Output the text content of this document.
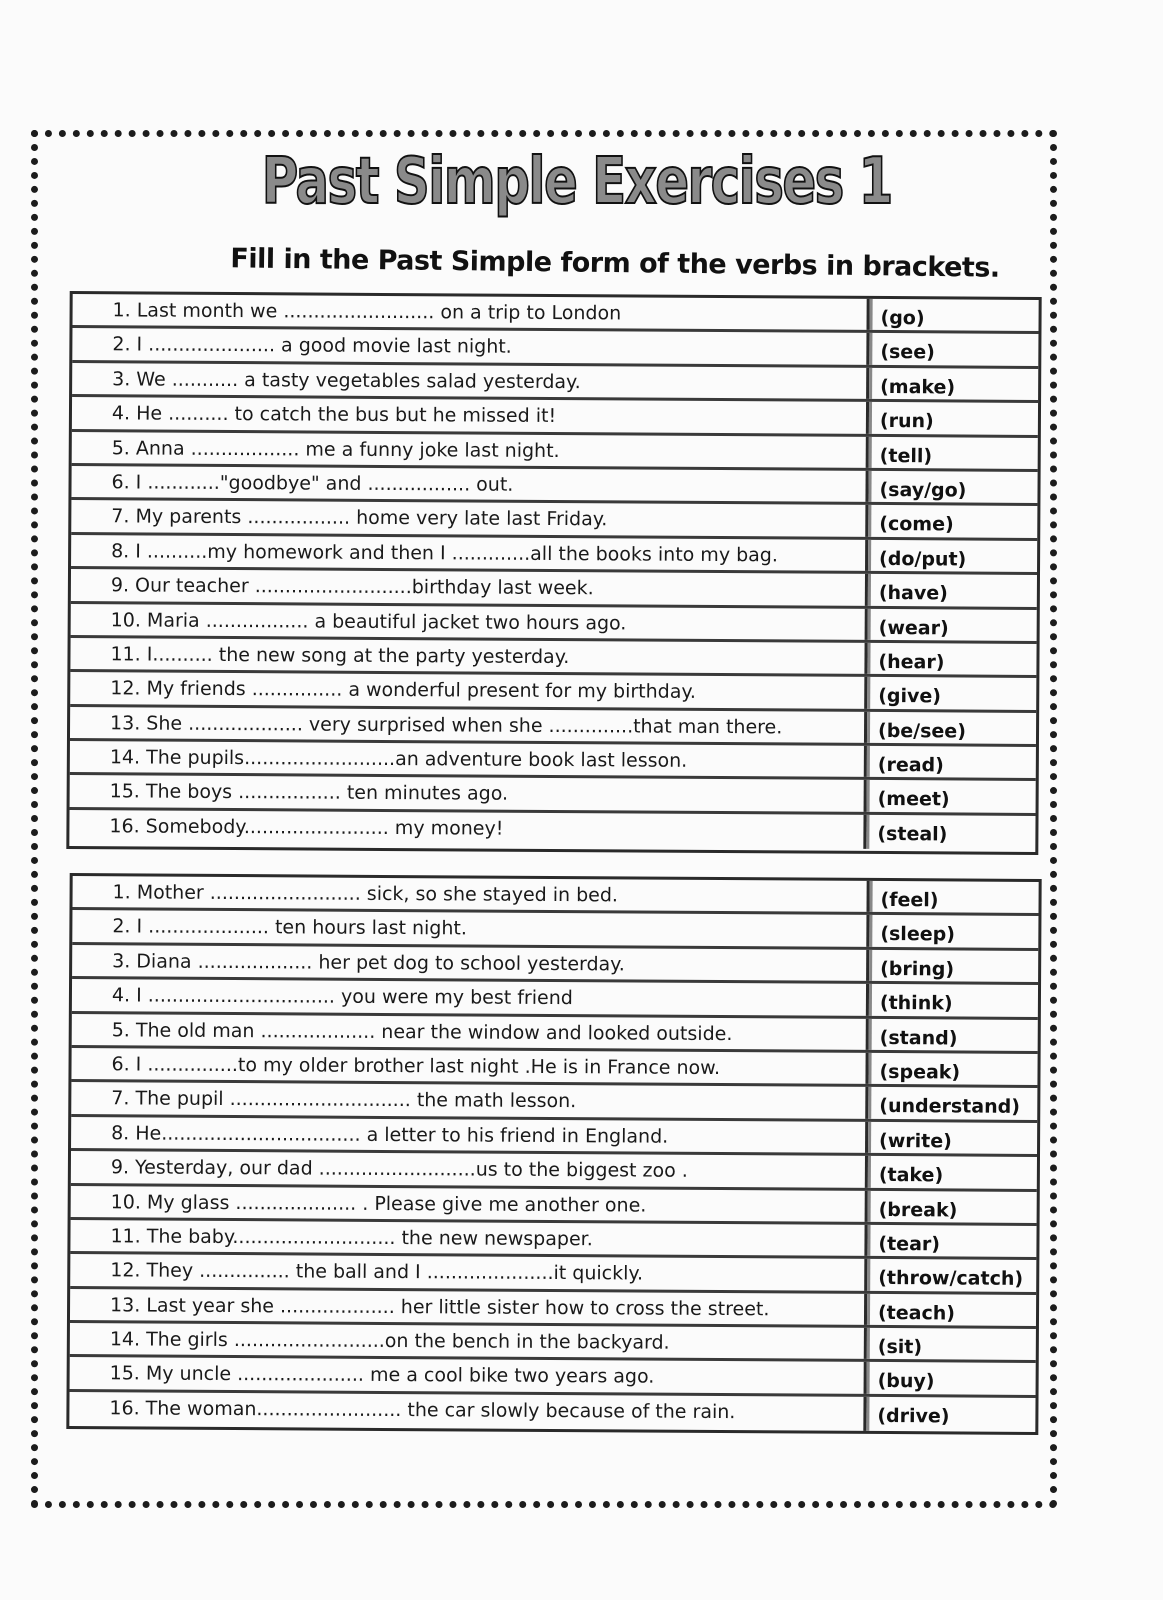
Past Simple Exercises 1
Fill in the Past Simple form of the verbs in brackets.
1. Last month we ......................... on a trip to London	(go)
2. I ..................... a good movie last night.	(see)
3. We ........... a tasty vegetables salad yesterday.	(make)
4. He .......... to catch the bus but he missed it!	(run)
5. Anna .................. me a funny joke last night.	(tell)
6. I ............"goodbye" and ................. out.	(say/go)
7. My parents ................. home very late last Friday.	(come)
8. I ..........my homework and then I .............all the books into my bag.	(do/put)
9. Our teacher ..........................birthday last week.	(have)
10. Maria ................. a beautiful jacket two hours ago.	(wear)
11. I.......... the new song at the party yesterday.	(hear)
12. My friends ............... a wonderful present for my birthday.	(give)
13. She ................... very surprised when she ..............that man there.	(be/see)
14. The pupils.........................an adventure book last lesson.	(read)
15. The boys ................. ten minutes ago.	(meet)
16. Somebody........................ my money!	(steal)
1. Mother ......................... sick, so she stayed in bed.	(feel)
2. I .................... ten hours last night.	(sleep)
3. Diana ................... her pet dog to school yesterday.	(bring)
4. I ............................... you were my best friend	(think)
5. The old man ................... near the window and looked outside.	(stand)
6. I ...............to my older brother last night .He is in France now.	(speak)
7. The pupil .............................. the math lesson.	(understand)
8. He................................. a letter to his friend in England.	(write)
9. Yesterday, our dad ..........................us to the biggest zoo .	(take)
10. My glass .................... . Please give me another one.	(break)
11. The baby........................... the new newspaper.	(tear)
12. They ............... the ball and I .....................it quickly.	(throw/catch)
13. Last year she ................... her little sister how to cross the street.	(teach)
14. The girls .........................on the bench in the backyard.	(sit)
15. My uncle ..................... me a cool bike two years ago.	(buy)
16. The woman........................ the car slowly because of the rain.	(drive)
